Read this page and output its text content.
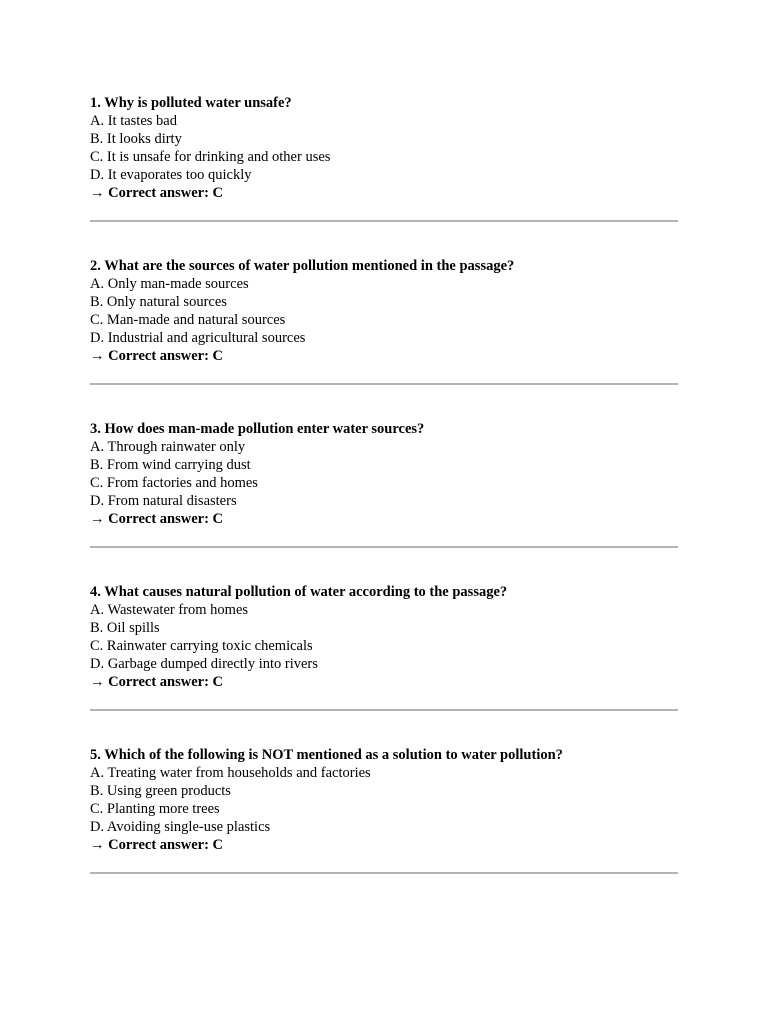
1. Why is polluted water unsafe?
A. It tastes bad
B. It looks dirty
C. It is unsafe for drinking and other uses
D. It evaporates too quickly
→ Correct answer: C
2. What are the sources of water pollution mentioned in the passage?
A. Only man-made sources
B. Only natural sources
C. Man-made and natural sources
D. Industrial and agricultural sources
→ Correct answer: C
3. How does man-made pollution enter water sources?
A. Through rainwater only
B. From wind carrying dust
C. From factories and homes
D. From natural disasters
→ Correct answer: C
4. What causes natural pollution of water according to the passage?
A. Wastewater from homes
B. Oil spills
C. Rainwater carrying toxic chemicals
D. Garbage dumped directly into rivers
→ Correct answer: C
5. Which of the following is NOT mentioned as a solution to water pollution?
A. Treating water from households and factories
B. Using green products
C. Planting more trees
D. Avoiding single-use plastics
→ Correct answer: C
